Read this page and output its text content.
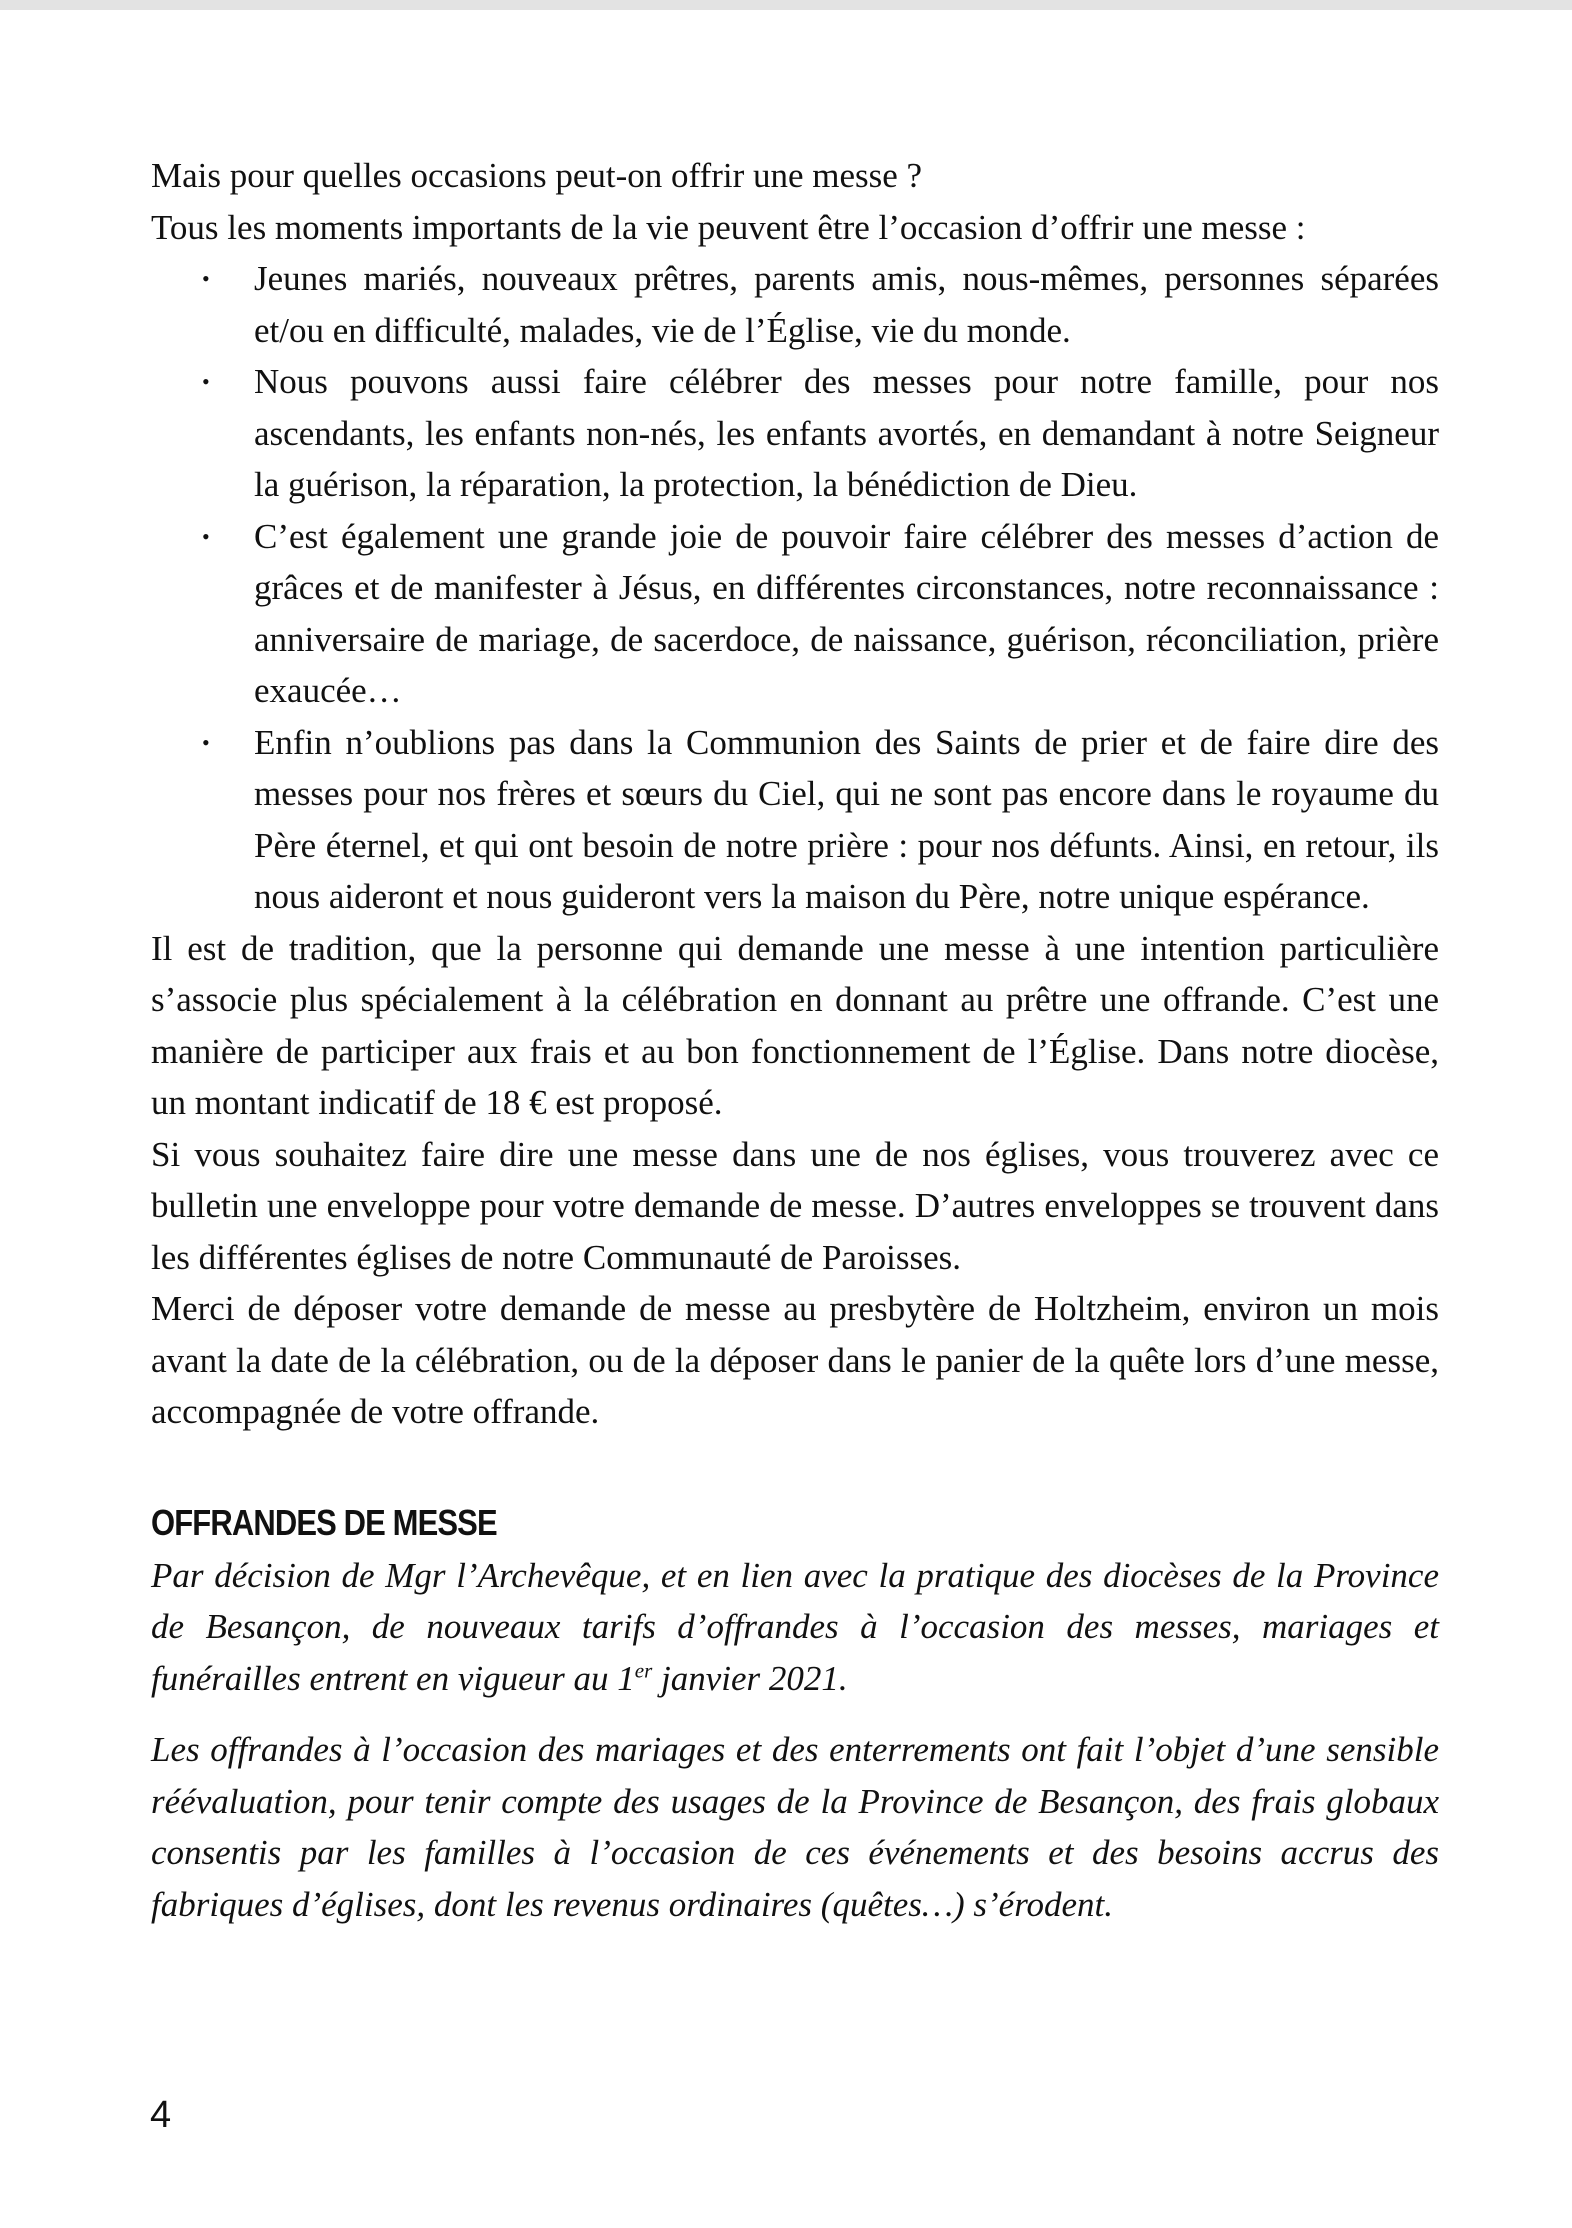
Mais pour quelles occasions peut-on offrir une messe ?

Tous les moments importants de la vie peuvent être l’occasion d’offrir une messe :

• Jeunes mariés, nouveaux prêtres, parents amis, nous-mêmes, personnes séparées et/ou en difficulté, malades, vie de l’Église, vie du monde.
• Nous pouvons aussi faire célébrer des messes pour notre famille, pour nos ascendants, les enfants non-nés, les enfants avortés, en demandant à notre Seigneur la guérison, la réparation, la protection, la bénédiction de Dieu.
• C’est également une grande joie de pouvoir faire célébrer des messes d’action de grâces et de manifester à Jésus, en différentes circonstances, notre reconnaissance : anniversaire de mariage, de sacerdoce, de naissance, guérison, réconciliation, prière exaucée…
• Enfin n’oublions pas dans la Communion des Saints de prier et de faire dire des messes pour nos frères et sœurs du Ciel, qui ne sont pas encore dans le royaume du Père éternel, et qui ont besoin de notre prière : pour nos défunts. Ainsi, en retour, ils nous aideront et nous guideront vers la maison du Père, notre unique espérance.

Il est de tradition, que la personne qui demande une messe à une intention particulière s’associe plus spécialement à la célébration en donnant au prêtre une offrande. C’est une manière de participer aux frais et au bon fonctionnement de l’Église. Dans notre diocèse, un montant indicatif de 18 € est proposé.

Si vous souhaitez faire dire une messe dans une de nos églises, vous trouverez avec ce bulletin une enveloppe pour votre demande de messe. D’autres enveloppes se trouvent dans les différentes églises de notre Communauté de Paroisses.

Merci de déposer votre demande de messe au presbytère de Holtzheim, environ un mois avant la date de la célébration, ou de la déposer dans le panier de la quête lors d’une messe, accompagnée de votre offrande.

OFFRANDES DE MESSE

Par décision de Mgr l’Archevêque, et en lien avec la pratique des diocèses de la Province de Besançon, de nouveaux tarifs d’offrandes à l’occasion des messes, mariages et funérailles entrent en vigueur au 1er janvier 2021.

Les offrandes à l’occasion des mariages et des enterrements ont fait l’objet d’une sensible réévaluation, pour tenir compte des usages de la Province de Besançon, des frais globaux consentis par les familles à l’occasion de ces événements et des besoins accrus des fabriques d’églises, dont les revenus ordinaires (quêtes…) s’érodent.

4
